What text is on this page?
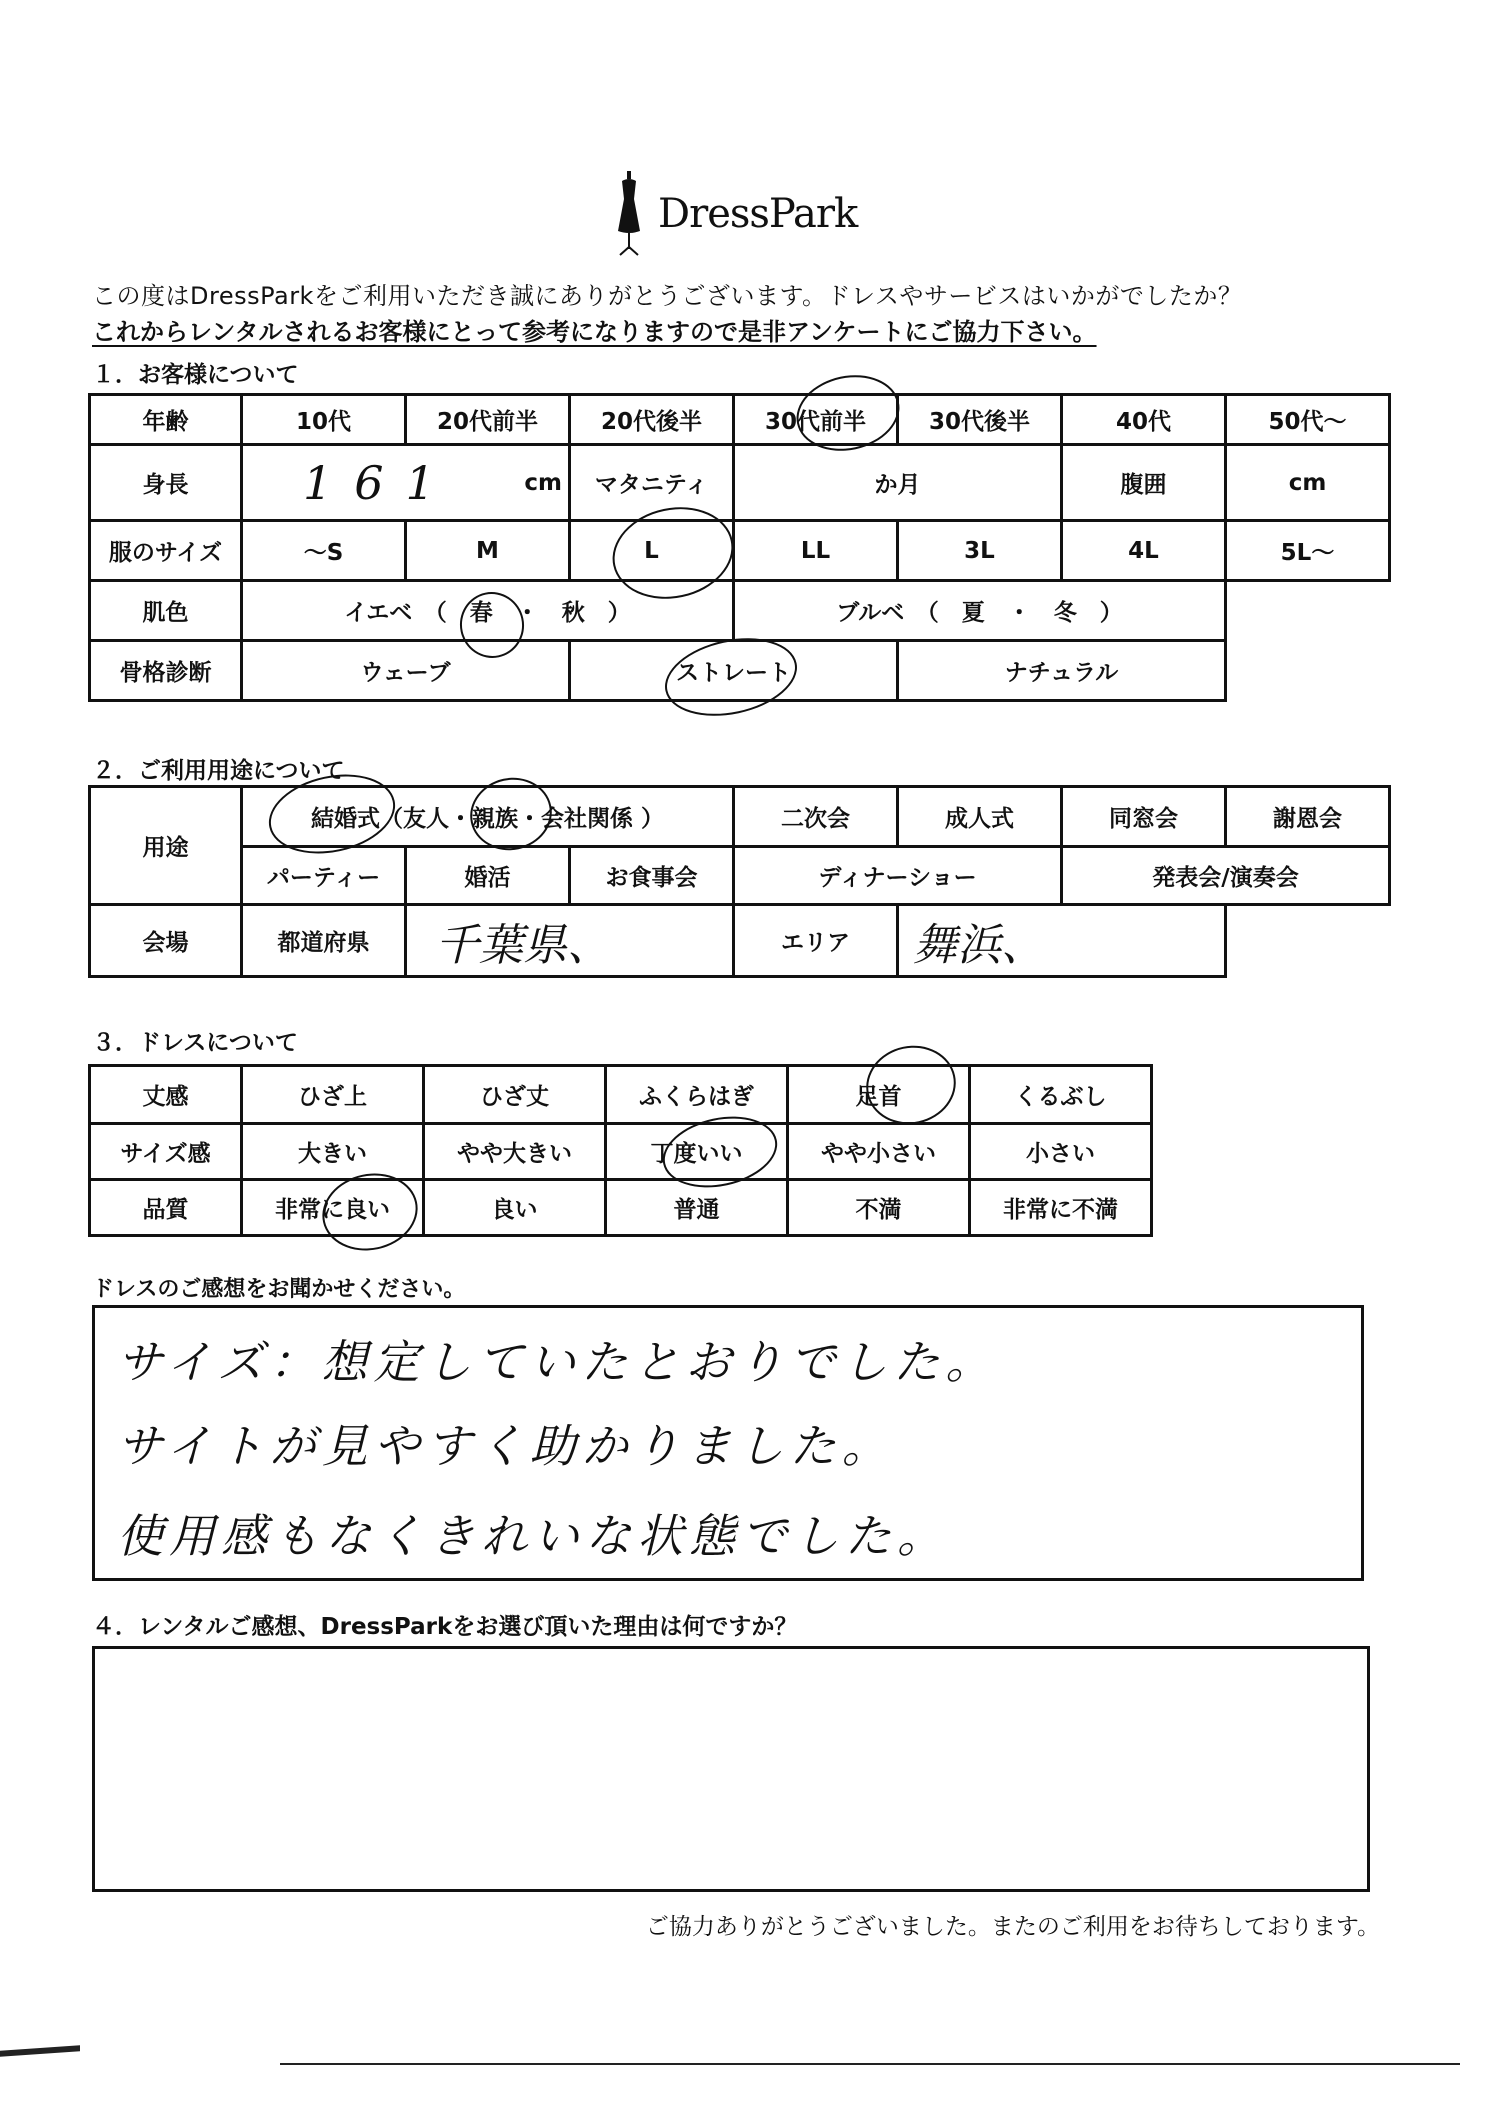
DressPark
この度はDressParkをご利用いただき誠にありがとうございます。ドレスやサービスはいかがでしたか？
これからレンタルされるお客様にとって参考になりますので是非アンケートにご協力下さい。
１．お客様について
年齢	10代	20代前半	20代後半	30代前半	30代後半	40代	50代～
身長	161 cm		マタニティ	か月		腹囲	cm
服のサイズ	～S	M	L	LL	3L	4L	5L～
肌色	イエベ　（　春　・　秋　）			ブルベ　（　夏　・　冬　）			
骨格診断	ウェーブ		ストレート		ナチュラル		
２．ご利用用途について
用途	結婚式（友人・親族・会社関係 ）			二次会	成人式	同窓会	謝恩会
	パーティー	婚活	お食事会	ディナーショー		発表会/演奏会	
会場	都道府県	千葉県、		エリア	舞浜、		
３．ドレスについて
丈感	ひざ上	ひざ丈	ふくらはぎ	足首	くるぶし
サイズ感	大きい	やや大きい	丁度いい	やや小さい	小さい
品質	非常に良い	良い	普通	不満	非常に不満
ドレスのご感想をお聞かせください。
サイズ：想定していたとおりでした。
サイトが見やすく助かりました。
使用感もなくきれいな状態でした。
４．レンタルご感想、DressParkをお選び頂いた理由は何ですか？
ご協力ありがとうございました。またのご利用をお待ちしております。
